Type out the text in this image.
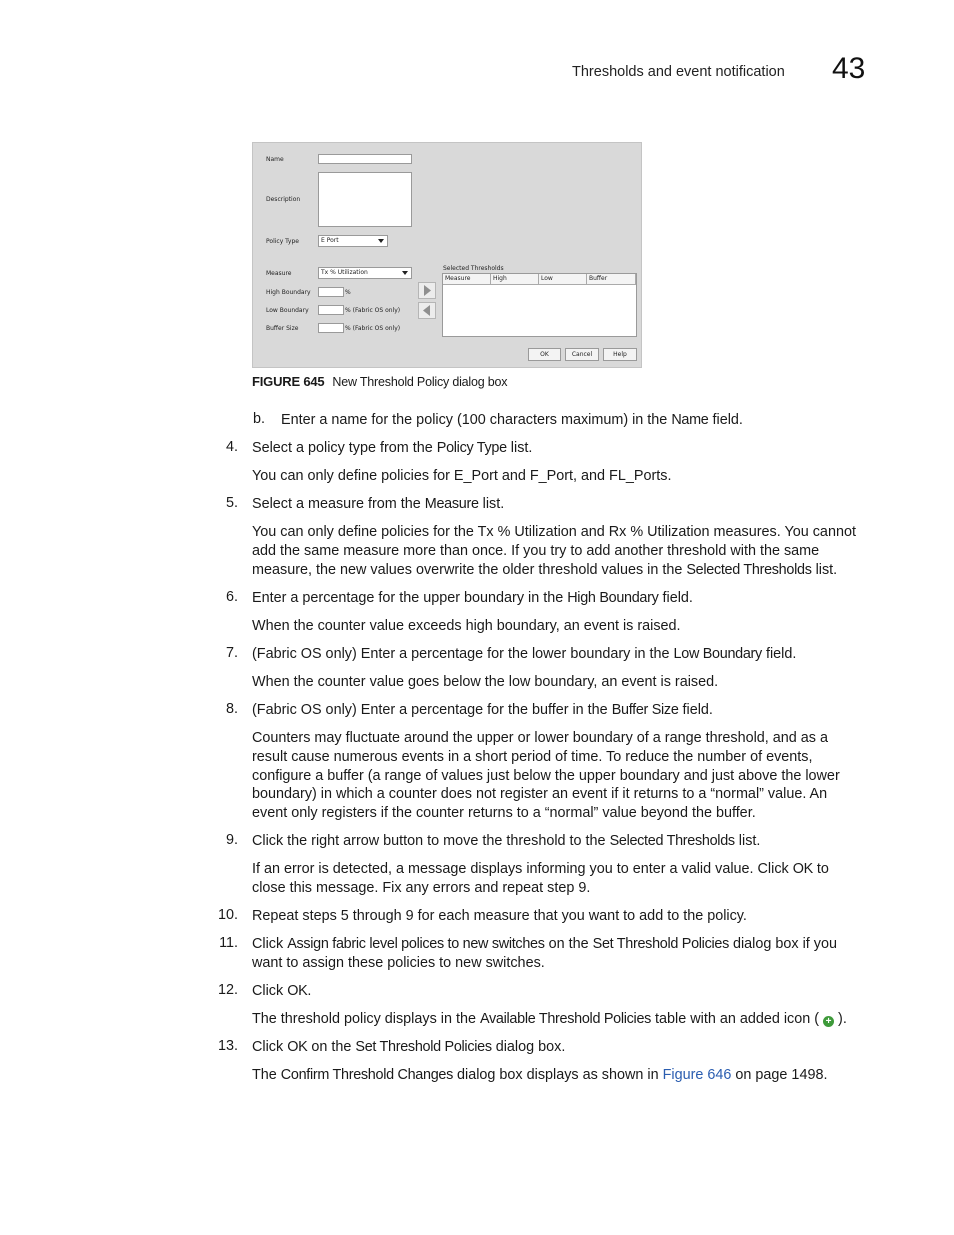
Thresholds and event notification 43
Name
Description
Policy Type	E Port
Measure	Tx % Utilization
High Boundary	%
Low Boundary	% (Fabric OS only)
Buffer Size	% (Fabric OS only)
Selected Thresholds
Measure	High	Low	Buffer
OK	Cancel	Help
FIGURE 645 New Threshold Policy dialog box
b. Enter a name for the policy (100 characters maximum) in the Name field.
4. Select a policy type from the Policy Type list.
You can only define policies for E_Port and F_Port, and FL_Ports.
5. Select a measure from the Measure list.
You can only define policies for the Tx % Utilization and Rx % Utilization measures. You cannot
add the same measure more than once. If you try to add another threshold with the same
measure, the new values overwrite the older threshold values in the Selected Thresholds list.
6. Enter a percentage for the upper boundary in the High Boundary field.
When the counter value exceeds high boundary, an event is raised.
7. (Fabric OS only) Enter a percentage for the lower boundary in the Low Boundary field.
When the counter value goes below the low boundary, an event is raised.
8. (Fabric OS only) Enter a percentage for the buffer in the Buffer Size field.
Counters may fluctuate around the upper or lower boundary of a range threshold, and as a
result cause numerous events in a short period of time. To reduce the number of events,
configure a buffer (a range of values just below the upper boundary and just above the lower
boundary) in which a counter does not register an event if it returns to a “normal” value. An
event only registers if the counter returns to a “normal” value beyond the buffer.
9. Click the right arrow button to move the threshold to the Selected Thresholds list.
If an error is detected, a message displays informing you to enter a valid value. Click OK to
close this message. Fix any errors and repeat step 9.
10. Repeat steps 5 through 9 for each measure that you want to add to the policy.
11. Click Assign fabric level polices to new switches on the Set Threshold Policies dialog box if you
want to assign these policies to new switches.
12. Click OK.
The threshold policy displays in the Available Threshold Policies table with an added icon ( + ).
13. Click OK on the Set Threshold Policies dialog box.
The Confirm Threshold Changes dialog box displays as shown in Figure 646 on page 1498.
